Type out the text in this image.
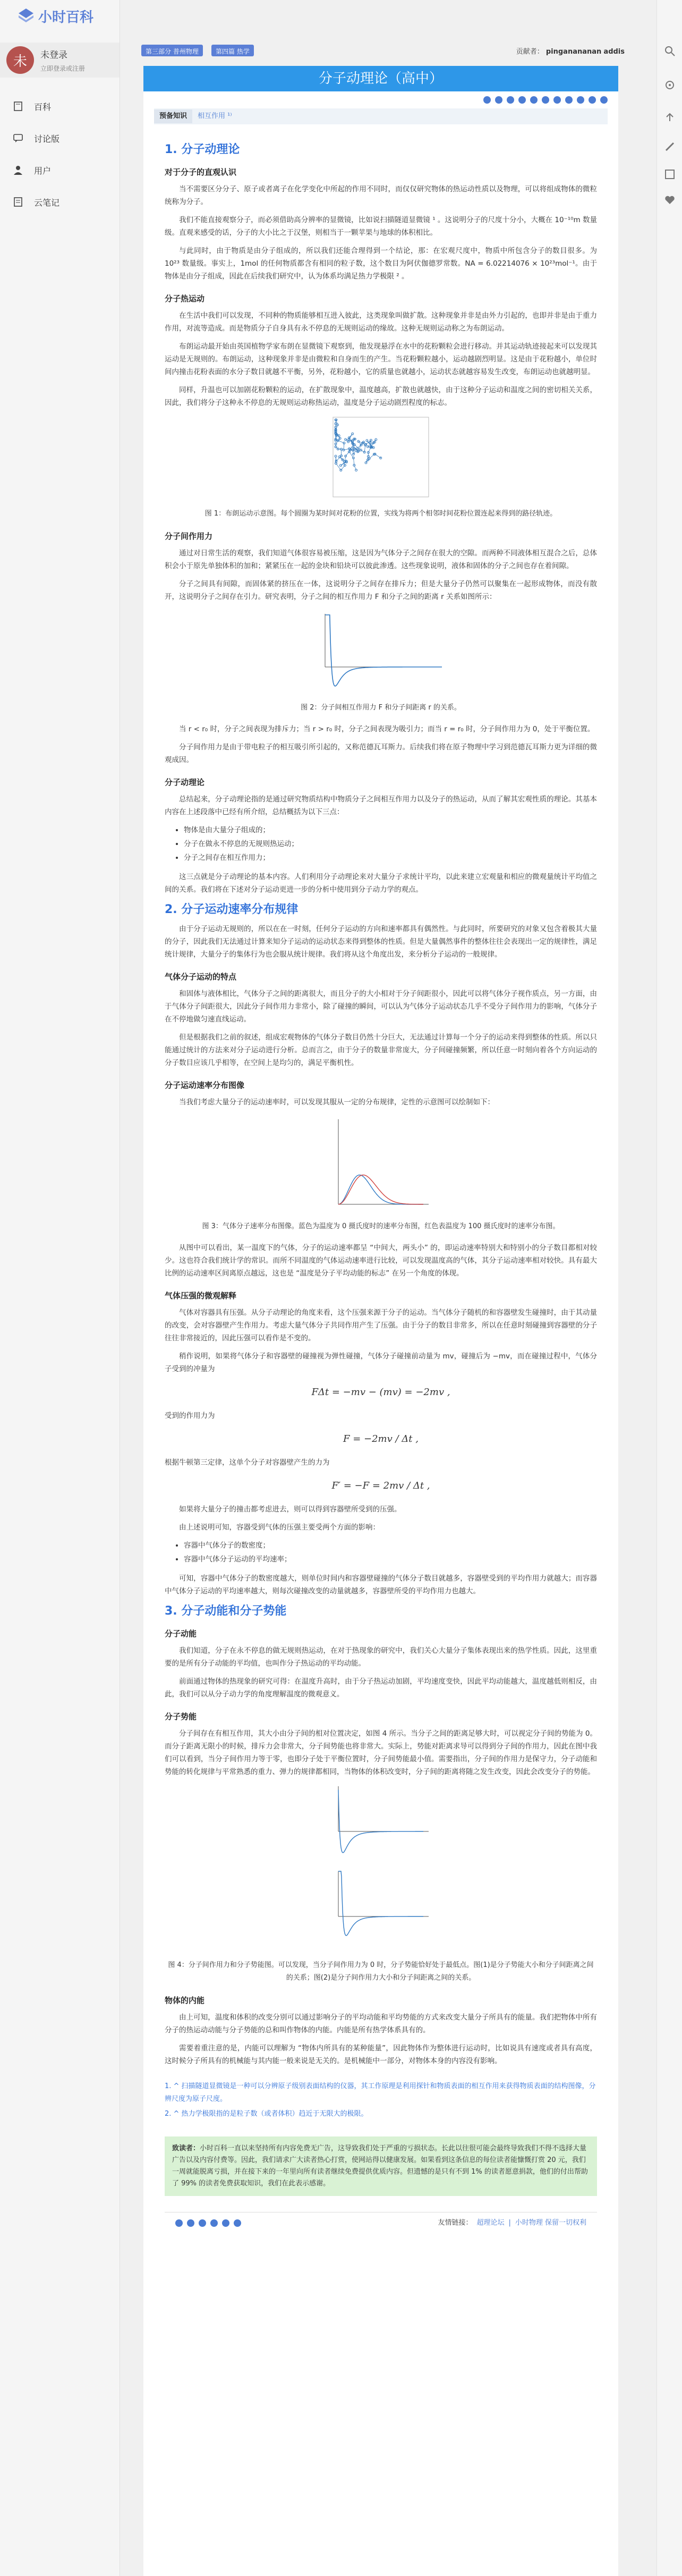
小时百科
未	未登录
立即登录或注册
百科
讨论版
用户
云笔记
第三部分 普州物理	第四篇 热学	贡献者： pinganananan addis
分子动理论（高中）
预备知识	相互作用 ¹⁾
1. 分子动理论
对于分子的直观认识

当不需要区分分子、原子或者离子在化学变化中所起的作用不同时，而仅仅研究物体的热运动性质以及物理，可以将组成物体的微粒统称为分子。

我们不能直接观察分子，而必须借助高分辨率的显微镜，比如说扫描隧道显微镜 ¹ 。这说明分子的尺度十分小，大概在 10⁻¹⁰m 数量级。直观来感受的话，分子的大小比之于汉堡，则相当于一颗苹果与地球的体积相比。

与此同时，由于物质是由分子组成的，所以我们还能合理得到一个结论，那：在宏观尺度中，物质中所包含分子的数目很多。为 10²³ 数量级。事实上，1mol 的任何物质都含有相同的粒子数，这个数目为阿伏伽德罗常数。NA = 6.02214076 × 10²³mol⁻¹。由于物体是由分子组成，因此在后续我们研究中，认为体系均满足热力学极限 ² 。

分子热运动

在生活中我们可以发现，不同种的物质能够相互进入彼此，这类现象叫做扩散。这种现象并非是由外力引起的，也即并非是由于重力作用，对流等造成。而是物质分子自身具有永不停息的无规则运动的缘故。这种无规则运动称之为布朗运动。

布朗运动最开始由英国植物学家布朗在显微镜下观察到，他发现悬浮在水中的花粉颗粒会进行移动。并其运动轨迹接起来可以发现其运动是无规则的。布朗运动，这种现象并非是由微粒和自身而生的产生。当花粉颗粒越小，运动越剧烈明显。这是由于花粉越小，单位时间内撞击花粉表面的水分子数目就越不平衡，另外，花粉越小，它的质量也就越小，运动状态就越容易发生改变，布朗运动也就越明显。

同样，升温也可以加剧花粉颗粒的运动，在扩散现象中，温度越高，扩散也就越快，由于这种分子运动和温度之间的密切相关关系，因此，我们将分子这种永不停息的无规则运动称热运动，温度是分子运动剧烈程度的标志。

图 1：布朗运动示意图。每个圆圈为某时间对花粉的位置，实线为将两个相邻时间花粉位置连起来得到的路径轨迹。

分子间作用力

通过对日常生活的观察，我们知道气体很容易被压缩，这是因为气体分子之间存在很大的空隙。而两种不同液体相互混合之后，总体积会小于原先单独体积的加和；紧紧压在一起的金块和铅块可以彼此渗透。这些现象说明，液体和固体的分子之间也存在着间隙。

分子之间具有间隙，而固体紧的挤压在一体，这说明分子之间存在排斥力；但是大量分子仍然可以聚集在一起形成物体，而没有散开，这说明分子之间存在引力。研究表明，分子之间的相互作用力 F 和分子之间的距离 r 关系如图所示：

图 2：分子间相互作用力 F 和分子间距离 r 的关系。

当 r < r₀ 时，分子之间表现为排斥力；当 r > r₀ 时，分子之间表现为吸引力；而当 r = r₀ 时，分子间作用力为 0，处于平衡位置。

分子间作用力是由于带电粒子的相互吸引所引起的，又称范德瓦耳斯力。后续我们将在原子物理中学习到范德瓦耳斯力更为详细的微观成因。

分子动理论

总结起来，分子动理论指的是通过研究物质结构中物质分子之间相互作用力以及分子的热运动，从而了解其宏观性质的理论。其基本内容在上述段落中已经有所介绍，总结概括为以下三点：

• 物体是由大量分子组成的；
• 分子在做永不停息的无规则热运动；
• 分子之间存在相互作用力；

这三点就是分子动理论的基本内容。人们利用分子动理论来对大量分子求统计平均，以此来建立宏观量和相应的微观量统计平均值之间的关系。我们将在下述对分子运动更进一步的分析中使用到分子动力学的观点。

2. 分子运动速率分布规律

由于分子运动无规则的，所以在在一时刻，任何分子运动的方向和速率都具有偶然性。与此同时，所要研究的对象又包含着极其大量的分子，因此我们无法通过计算来知分子运动的运动状态来得到整体的性质。但是大量偶然事件的整体往往会表现出一定的规律性，满足统计规律，大量分子的集体行为也会服从统计规律。我们将从这个角度出发，来分析分子运动的一般规律。

气体分子运动的特点

和固体与液体相比，气体分子之间的距离很大，而且分子的大小相对于分子间距很小，因此可以将气体分子视作质点，另一方面，由于气体分子间距很大，因此分子间作用力非常小，除了碰撞的瞬间，可以认为气体分子运动状态几乎不受分子间作用力的影响，气体分子在不停地做匀速直线运动。

但是根据我们之前的叙述，组成宏观物体的气体分子数目仍然十分巨大，无法通过计算每一个分子的运动来得到整体的性质。所以只能通过统计的方法来对分子运动进行分析。总而言之，由于分子的数量非常庞大，分子间碰撞频繁，所以任意一时刻向着各个方向运动的分子数目应该几乎相等，在空间上是均匀的，满足平衡机性。

分子运动速率分布图像

当我们考虑大量分子的运动速率时，可以发现其服从一定的分布规律，定性的示意图可以绘制如下：

图 3：气体分子速率分布图像。蓝色为温度为 0 摄氏度时的速率分布图，红色表温度为 100 摄氏度时的速率分布图。

从图中可以看出，某一温度下的气体，分子的运动速率都呈 “中间大，两头小” 的，即运动速率特别大和特别小的分子数目都相对较少。这也符合我们统计学的常识。而所不同温度的气体运动速率进行比较，可以发现温度高的气体，其分子运动速率相对较快。具有最大比例的运动速率区间离原点越远，这也是 “温度是分子平均动能的标志” 在另一个角度的体现。

气体压强的微观解释

气体对容器具有压强。从分子动理论的角度来看，这个压强来源于分子的运动。当气体分子随机的和容器壁发生碰撞时，由于其动量的改变，会对容器壁产生作用力。考虑大量气体分子共同作用产生了压强。由于分子的数目非常多，所以在任意时刻碰撞到容器壁的分子往往非常接近的，因此压强可以看作是不变的。

稍作说明，如果将气体分子和容器壁的碰撞视为弹性碰撞，气体分子碰撞前动量为 mv，碰撞后为 −mv，而在碰撞过程中，气体分子受到的冲量为

FΔt = −mv − (mv) = −2mv ,

受到的作用力为

F = −2mv / Δt ,

根据牛顿第三定律，这单个分子对容器壁产生的力为

F′ = −F = 2mv / Δt ,

如果将大量分子的撞击都考虑进去，则可以得到容器壁所受到的压强。

由上述说明可知，容器受到气体的压强主要受两个方面的影响：

• 容器中气体分子的数密度；
• 容器中气体分子运动的平均速率；

可知，容器中气体分子的数密度越大，则单位时间内和容器壁碰撞的气体分子数目就越多，容器壁受到的平均作用力就越大；而容器中气体分子运动的平均速率越大，则每次碰撞改变的动量就越多，容器壁所受的平均作用力也越大。

3. 分子动能和分子势能
分子动能

我们知道，分子在永不停息的做无规则热运动，在对于热现象的研究中，我们关心大量分子集体表现出来的热学性质。因此，这里重要的是所有分子动能的平均值，也叫作分子热运动的平均动能。

前面通过物体的热现象的研究可得：在温度升高时，由于分子热运动加剧，平均速度变快，因此平均动能越大，温度越低则相反，由此，我们可以从分子动力学的角度理解温度的微观意义。

分子势能

分子间存在有相互作用，其大小由分子间的相对位置决定，如图 4 所示。当分子之间的距离足够大时，可以视定分子间的势能为 0。而分子距离无限小的时候，排斥力会非常大，分子间势能也将非常大。实际上，势能对距离求导可以得到分子间的作用力，因此在图中我们可以看到，当分子间作用力等于零，也即分子处于平衡位置时，分子间势能最小值。需要指出，分子间的作用力是保守力，分子动能和势能的转化规律与平常熟悉的重力、弹力的规律都相同，当物体的体积改变时，分子间的距离将随之发生改变，因此会改变分子的势能。

图 4：分子间作用力和分子势能图。可以发现，当分子间作用力为 0 时，分子势能恰好处于最低点。图(1)是分子势能大小和分子间距离之间的关系；图(2)是分子间作用力大小和分子间距离之间的关系。

物体的内能

由上可知，温度和体积的改变分别可以通过影响分子的平均动能和平均势能的方式来改变大量分子所具有的能量。我们把物体中所有分子的热运动动能与分子势能的总和叫作物体的内能。内能是所有热学体系具有的。

需要着重注意的是，内能可以理解为 “物体内所具有的某种能量”，因此物体作为整体进行运动时，比如说具有速度或者具有高度，这时候分子所具有的机械能与其内能一般来说是无关的。是机械能中一部分，对物体本身的内容没有影响。

1. ^ 扫描隧道显微镜是一种可以分辨原子级别表面结构的仪器，其工作原理是利用探针和物质表面的相互作用来获得物质表面的结构图像，分辨尺度为原子尺度。
2. ^ 热力学极限指的是粒子数（或者体积）趋近于无限大的极限。
致读者：小时百科一直以来坚持所有内容免费无广告，这导致我们处于严重的亏损状态。长此以往很可能会最终导致我们不得不选择大量广告以及内容付费等。因此，我们请求广大读者热心打赏，使网站得以健康发展。如果看到这条信息的每位读者能慷慨打赏 20 元，我们一周就能脱离亏损，并在接下来的一年里向所有读者继续免费提供优质内容。但遗憾的是只有不到 1% 的读者愿意捐款，他们的付出帮助了 99% 的读者免费获取知识，我们在此表示感谢。
友情链接： 超理论坛 | 小时物理 保留一切权利
